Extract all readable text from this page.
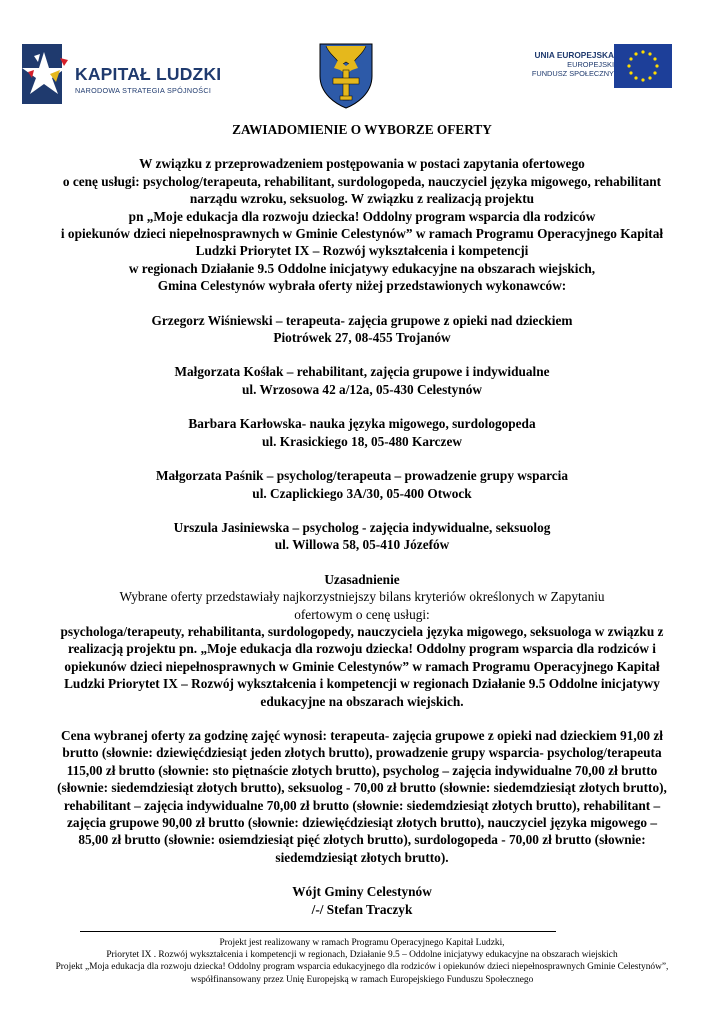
KAPITAŁ LUDZKI
NARODOWA STRATEGIA SPÓJNOŚCI
UNIA EUROPEJSKA
EUROPEJSKI
FUNDUSZ SPOŁECZNY

ZAWIADOMIENIE O WYBORZE OFERTY

W związku z przeprowadzeniem postępowania w postaci zapytania ofertowego

o cenę usługi: psycholog/terapeuta, rehabilitant, surdologopeda, nauczyciel języka migowego, rehabilitant

narządu wzroku, seksuolog. W związku z realizacją projektu

pn „Moje edukacja dla rozwoju dziecka! Oddolny program wsparcia dla rodziców

i opiekunów dzieci niepełnosprawnych w Gminie Celestynów” w ramach Programu Operacyjnego Kapitał

Ludzki Priorytet IX – Rozwój wykształcenia i kompetencji

w regionach Działanie 9.5 Oddolne inicjatywy edukacyjne na obszarach wiejskich,

Gmina Celestynów wybrała oferty niżej przedstawionych wykonawców:

Grzegorz Wiśniewski – terapeuta- zajęcia grupowe z opieki nad dzieckiem

Piotrówek 27, 08-455 Trojanów

Małgorzata Kośłak – rehabilitant, zajęcia grupowe i indywidualne

ul. Wrzosowa 42 a/12a, 05-430 Celestynów

Barbara Karłowska- nauka języka migowego, surdologopeda

ul. Krasickiego 18, 05-480 Karczew

Małgorzata Paśnik – psycholog/terapeuta – prowadzenie grupy wsparcia

ul. Czaplickiego 3A/30, 05-400 Otwock

Urszula Jasiniewska – psycholog - zajęcia indywidualne, seksuolog

ul. Willowa 58, 05-410 Józefów

Uzasadnienie

Wybrane oferty przedstawiały najkorzystniejszy bilans kryteriów określonych w Zapytaniu

ofertowym o cenę usługi:

psychologa/terapeuty, rehabilitanta, surdologopedy, nauczyciela języka migowego, seksuologa w związku z

realizacją projektu pn. „Moje edukacja dla rozwoju dziecka! Oddolny program wsparcia dla rodziców i

opiekunów dzieci niepełnosprawnych w Gminie Celestynów” w ramach Programu Operacyjnego Kapitał

Ludzki Priorytet IX – Rozwój wykształcenia i kompetencji w regionach Działanie 9.5 Oddolne inicjatywy

edukacyjne na obszarach wiejskich.

Cena wybranej oferty za godzinę zajęć wynosi: terapeuta- zajęcia grupowe z opieki nad dzieckiem 91,00 zł

brutto (słownie: dziewięćdziesiąt jeden złotych brutto), prowadzenie grupy wsparcia- psycholog/terapeuta

115,00 zł brutto (słownie: sto piętnaście złotych brutto), psycholog – zajęcia indywidualne 70,00 zł brutto

(słownie: siedemdziesiąt złotych brutto), seksuolog - 70,00 zł brutto (słownie: siedemdziesiąt złotych brutto),

rehabilitant – zajęcia indywidualne 70,00 zł brutto (słownie: siedemdziesiąt złotych brutto), rehabilitant –

zajęcia grupowe 90,00 zł brutto (słownie: dziewięćdziesiąt złotych brutto), nauczyciel języka migowego –

85,00 zł brutto (słownie: osiemdziesiąt pięć złotych brutto), surdologopeda - 70,00 zł brutto (słownie:

siedemdziesiąt złotych brutto).

Wójt Gminy Celestynów

/-/ Stefan Traczyk

Projekt jest realizowany w ramach Programu Operacyjnego Kapitał Ludzki,
Priorytet IX . Rozwój wykształcenia i kompetencji w regionach, Działanie 9.5 – Oddolne inicjatywy edukacyjne na obszarach wiejskich
Projekt „Moja edukacja dla rozwoju dziecka! Oddolny program wsparcia edukacyjnego dla rodziców i opiekunów dzieci niepełnosprawnych Gminie Celestynów”,
współfinansowany przez Unię Europejską w ramach Europejskiego Funduszu Społecznego
